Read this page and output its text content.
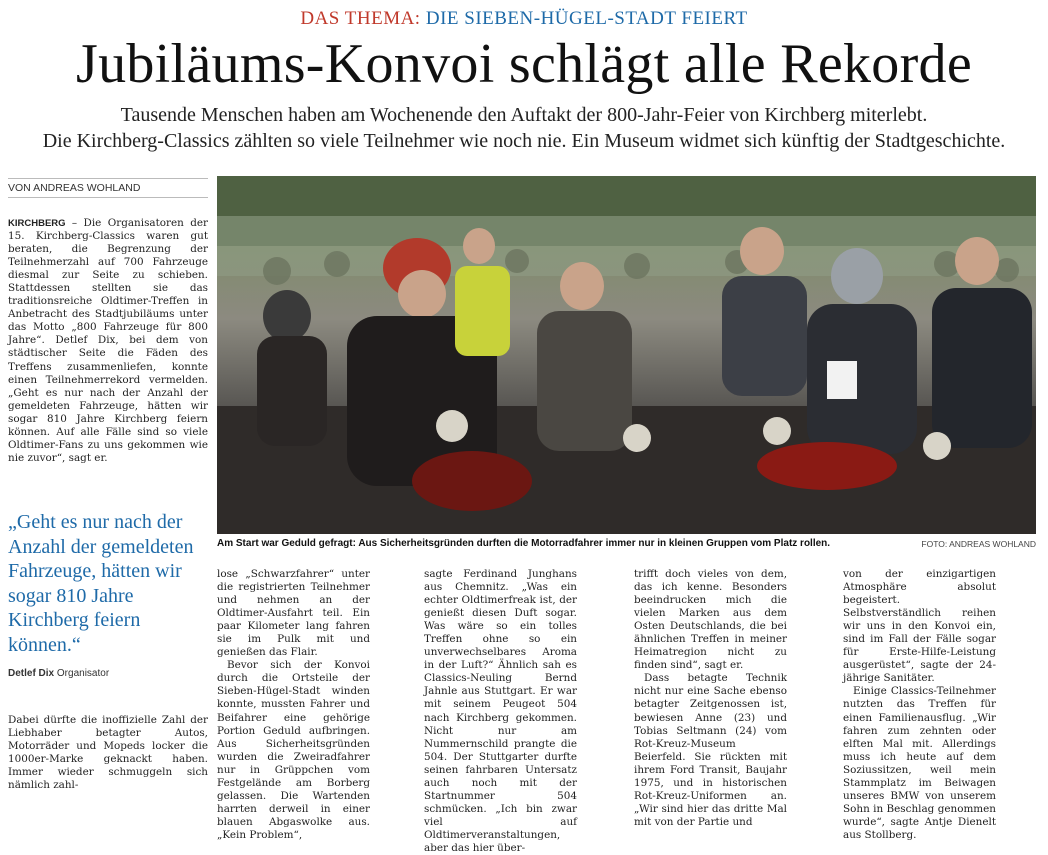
DAS THEMA: DIE SIEBEN-HÜGEL-STADT FEIERT
Jubiläums-Konvoi schlägt alle Rekorde
Tausende Menschen haben am Wochenende den Auftakt der 800-Jahr-Feier von Kirchberg miterlebt.
Die Kirchberg-Classics zählten so viele Teilnehmer wie noch nie. Ein Museum widmet sich künftig der Stadtgeschichte.
VON ANDREAS WOHLAND
KIRCHBERG – Die Organisatoren der 15. Kirchberg-Classics waren gut beraten, die Begrenzung der Teilnehmerzahl auf 700 Fahrzeuge diesmal zur Seite zu schieben. Stattdessen stellten sie das traditionsreiche Oldtimer-Treffen in Anbetracht des Stadtjubiläums unter das Motto „800 Fahrzeuge für 800 Jahre“. Detlef Dix, bei dem von städtischer Seite die Fäden des Treffens zusammenliefen, konnte einen Teilnehmerrekord vermelden. „Geht es nur nach der Anzahl der gemeldeten Fahrzeuge, hätten wir sogar 810 Jahre Kirchberg feiern können. Auf alle Fälle sind so viele Oldtimer-Fans zu uns gekommen wie nie zuvor“, sagt er.
„Geht es nur nach der Anzahl der gemeldeten Fahrzeuge, hätten wir sogar 810 Jahre Kirchberg feiern können.“
Detlef Dix Organisator
Dabei dürfte die inoffizielle Zahl der Liebhaber betagter Autos, Motorräder und Mopeds locker die 1000er-Marke geknackt haben. Immer wieder schmuggeln sich nämlich zahl-
Am Start war Geduld gefragt: Aus Sicherheitsgründen durften die Motorradfahrer immer nur in kleinen Gruppen vom Platz rollen.	FOTO: ANDREAS WOHLAND

lose „Schwarzfahrer“ unter die registrierten Teilnehmer und nehmen an der Oldtimer-Ausfahrt teil. Ein paar Kilometer lang fahren sie im Pulk mit und genießen das Flair.

Bevor sich der Konvoi durch die Ortsteile der Sieben-Hügel-Stadt winden konnte, mussten Fahrer und Beifahrer eine gehörige Portion Geduld aufbringen. Aus Sicherheitsgründen wurden die Zweiradfahrer nur in Grüppchen vom Festgelände am Borberg gelassen. Die Wartenden harrten derweil in einer blauen Abgaswolke aus. „Kein Problem“,

sagte Ferdinand Junghans aus Chemnitz. „Was ein echter Oldtimerfreak ist, der genießt diesen Duft sogar. Was wäre so ein tolles Treffen ohne so ein unverwechselbares Aroma in der Luft?“ Ähnlich sah es Classics-Neuling Bernd Jahnle aus Stuttgart. Er war mit seinem Peugeot 504 nach Kirchberg gekommen. Nicht nur am Nummernschild prangte die 504. Der Stuttgarter durfte seinen fahrbaren Untersatz auch noch mit der Startnummer 504 schmücken. „Ich bin zwar viel auf Oldtimerveranstaltungen, aber das hier über-

trifft doch vieles von dem, das ich kenne. Besonders beeindrucken mich die vielen Marken aus dem Osten Deutschlands, die bei ähnlichen Treffen in meiner Heimatregion nicht zu finden sind“, sagt er.

Dass betagte Technik nicht nur eine Sache ebenso betagter Zeitgenossen ist, bewiesen Anne (23) und Tobias Seltmann (24) vom Rot-Kreuz-Museum Beierfeld. Sie rückten mit ihrem Ford Transit, Baujahr 1975, und in historischen Rot-Kreuz-Uniformen an. „Wir sind hier das dritte Mal mit von der Partie und

von der einzigartigen Atmosphäre absolut begeistert. Selbstverständlich reihen wir uns in den Konvoi ein, sind im Fall der Fälle sogar für Erste-Hilfe-Leistung ausgerüstet“, sagte der 24-jährige Sanitäter.

Einige Classics-Teilnehmer nutzten das Treffen für einen Familienausflug. „Wir fahren zum zehnten oder elften Mal mit. Allerdings muss ich heute auf dem Soziussitzen, weil mein Stammplatz im Beiwagen unseres BMW von unserem Sohn in Beschlag genommen wurde“, sagte Antje Dienelt aus Stollberg.
